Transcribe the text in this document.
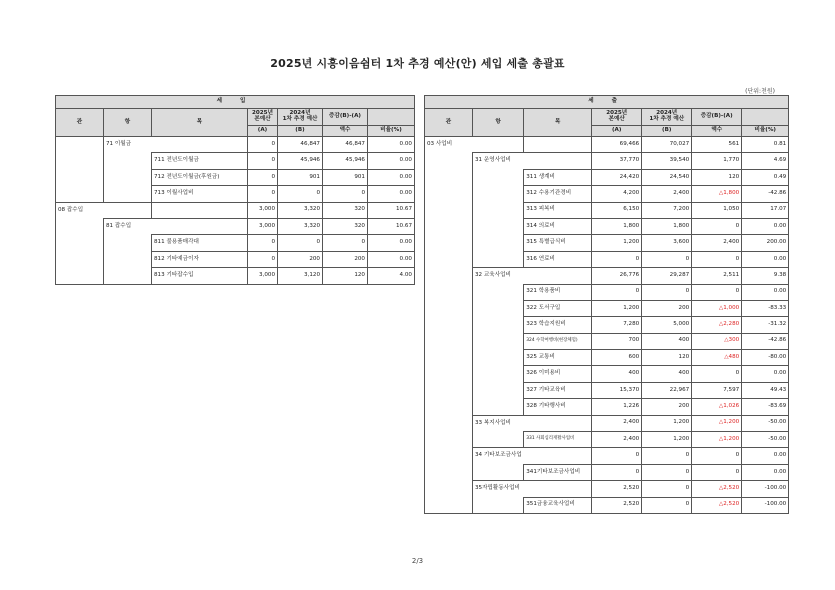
2025년 시흥이음쉼터 1차 추경 예산(안) 세입 세출 총괄표
(단위:천원)
세 입						
관	항	목	2025년
본예산	2024년
1차 추경 예산	증감(B)-(A)	
			(A)	(B)	액수	비율(%)
	71 이월금		0	46,847	46,847	0.00
		711 전년도이월금	0	45,946	45,946	0.00
		712 전년도이월금(후원금)	0	901	901	0.00
		713 이월사업비	0	0	0	0.00
08 잡수입			3,000	3,320	320	10.67
	81 잡수입		3,000	3,320	320	10.67
		811 불용품매각대	0	0	0	0.00
		812 기타예금이자	0	200	200	0.00
		813 기타잡수입	3,000	3,120	120	4.00
세 출						
관	항	목	2025년
본예산	2024년
1차 추경 예산	증감(B)-(A)	
			(A)	(B)	액수	비율(%)
03 사업비			69,466	70,027	561	0.81
	31 운영사업비		37,770	39,540	1,770	4.69
		311 생계비	24,420	24,540	120	0.49
		312 수용기관경비	4,200	2,400	△1,800	-42.86
		313 피복비	6,150	7,200	1,050	17.07
		314 의료비	1,800	1,800	0	0.00
		315 특별급식비	1,200	3,600	2,400	200.00
		316 연료비	0	0	0	0.00
	32 교육사업비		26,776	29,287	2,511	9.38
		321 학용품비	0	0	0	0.00
		322 도서구입	1,200	200	△1,000	-83.33
		323 학습지원비	7,280	5,000	△2,280	-31.32
		324 수학여행비(현장체험)	700	400	△300	-42.86
		325 교통비	600	120	△480	-80.00
		326 이미용비	400	400	0	0.00
		327 기타교육비	15,370	22,967	7,597	49.43
		328 기타행사비	1,226	200	△1,026	-83.69
	33 복지사업비		2,400	1,200	△1,200	-50.00
		331 사회심리재활사업비	2,400	1,200	△1,200	-50.00
	34 기타보조금사업		0	0	0	0.00
		341기타보조금사업비	0	0	0	0.00
	35자립활동사업비		2,520	0	△2,520	-100.00
		351금융교육사업비	2,520	0	△2,520	-100.00
2/3
